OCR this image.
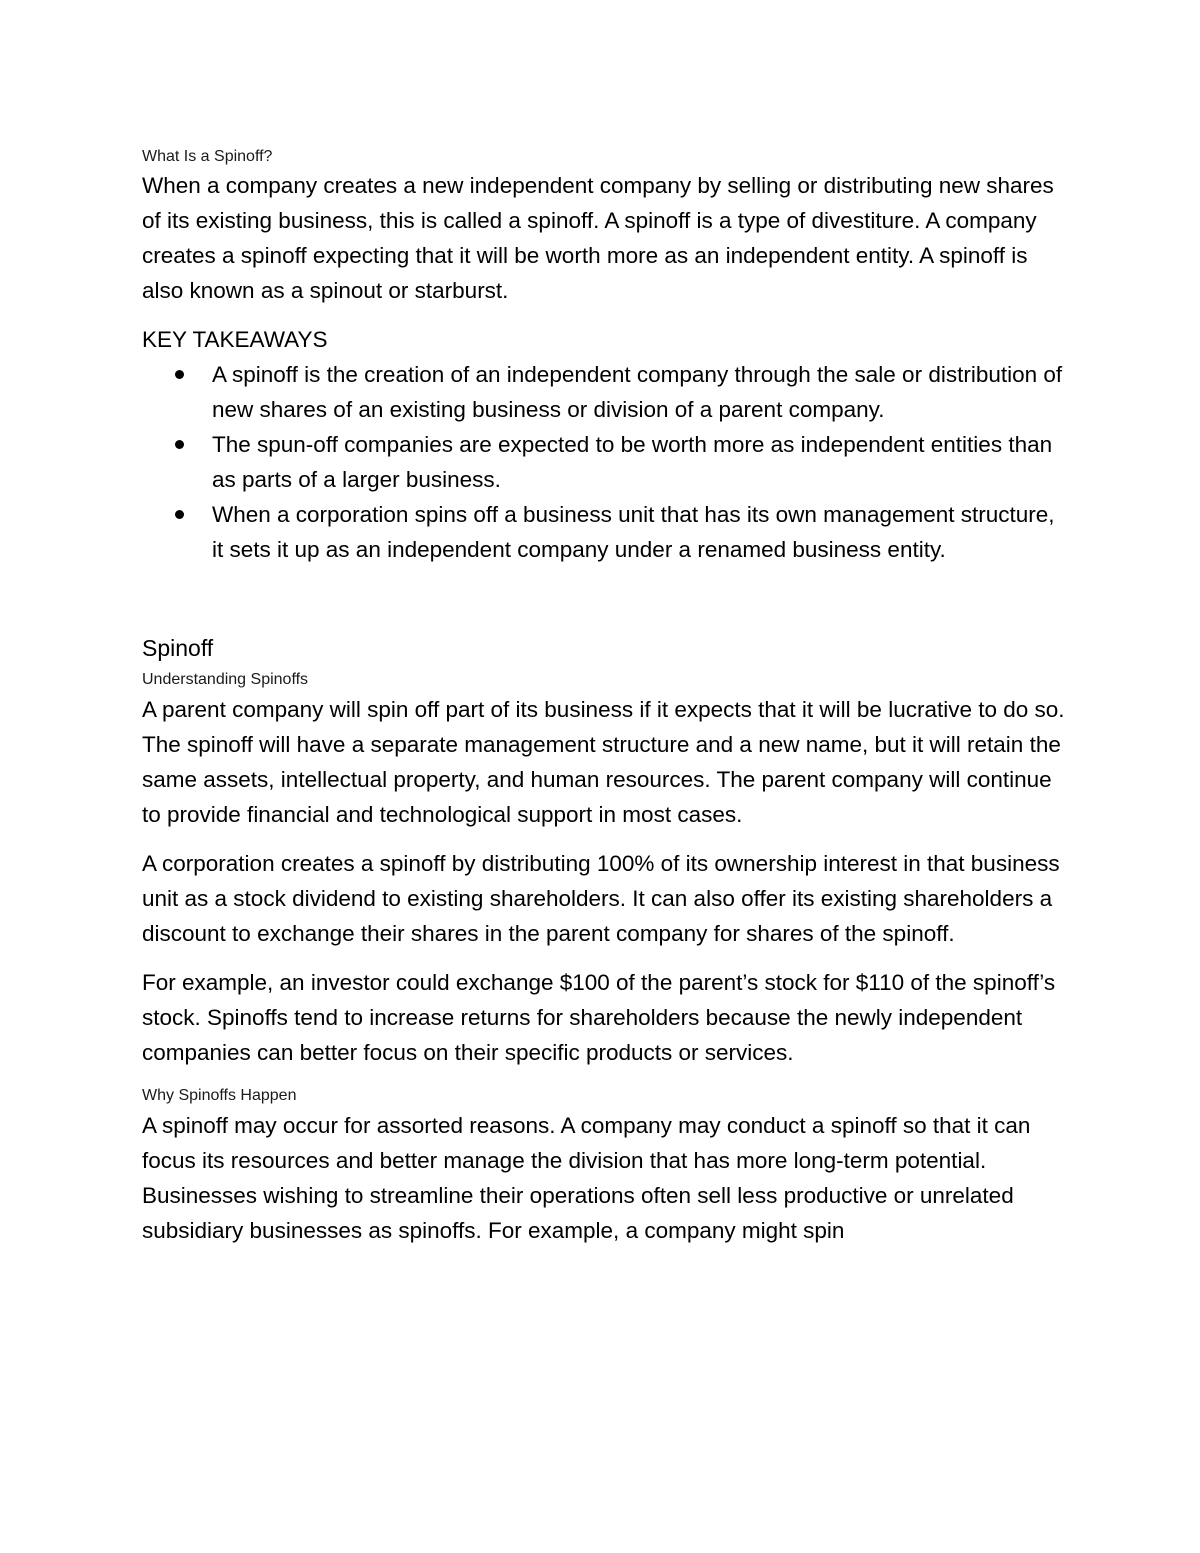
What Is a Spinoff?

When a company creates a new independent company by selling or distributing new shares of its existing business, this is called a spinoff. A spinoff is a type of divestiture. A company creates a spinoff expecting that it will be worth more as an independent entity. A spinoff is also known as a spinout or starburst.

KEY TAKEAWAYS

A spinoff is the creation of an independent company through the sale or distribution of new shares of an existing business or division of a parent company.
The spun-off companies are expected to be worth more as independent entities than as parts of a larger business.
When a corporation spins off a business unit that has its own management structure, it sets it up as an independent company under a renamed business entity.

Spinoff

Understanding Spinoffs

A parent company will spin off part of its business if it expects that it will be lucrative to do so. The spinoff will have a separate management structure and a new name, but it will retain the same assets, intellectual property, and human resources. The parent company will continue to provide financial and technological support in most cases.

A corporation creates a spinoff by distributing 100% of its ownership interest in that business unit as a stock dividend to existing shareholders. It can also offer its existing shareholders a discount to exchange their shares in the parent company for shares of the spinoff.

For example, an investor could exchange $100 of the parent’s stock for $110 of the spinoff’s stock. Spinoffs tend to increase returns for shareholders because the newly independent companies can better focus on their specific products or services.

Why Spinoffs Happen

A spinoff may occur for assorted reasons. A company may conduct a spinoff so that it can focus its resources and better manage the division that has more long-term potential. Businesses wishing to streamline their operations often sell less productive or unrelated subsidiary businesses as spinoffs. For example, a company might spin
